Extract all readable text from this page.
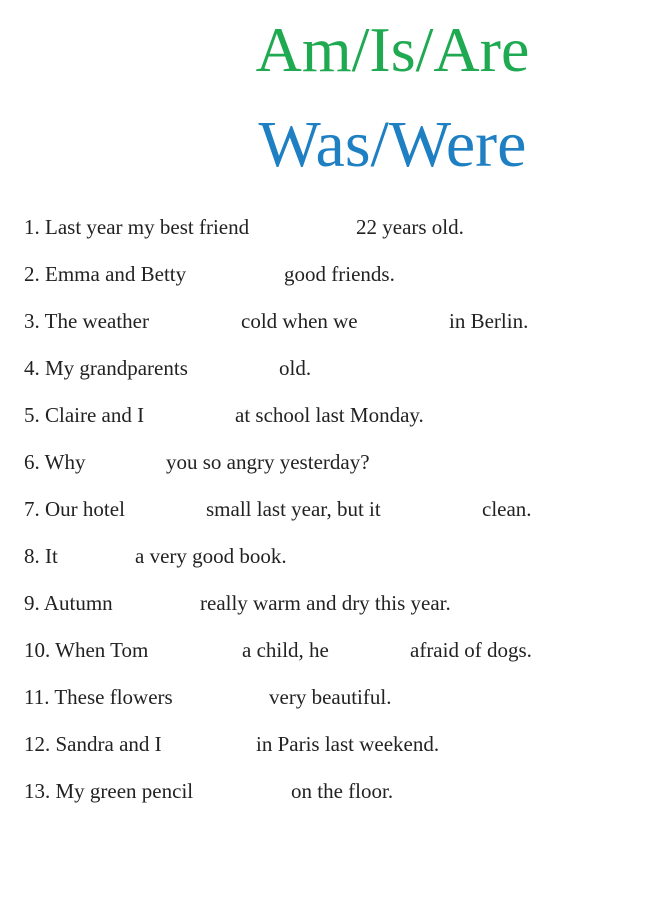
Am/Is/Are
Was/Were
1. Last year my best friend	22 years old.
2. Emma and Betty	good friends.
3. The weather	cold when we	in Berlin.
4. My grandparents	old.
5. Claire and I	at school last Monday.
6. Why	you so angry yesterday?
7. Our hotel	small last year, but it	clean.
8. It	a very good book.
9. Autumn	really warm and dry this year.
10. When Tom	a child, he	afraid of dogs.
11. These flowers	very beautiful.
12. Sandra and I	in Paris last weekend.
13. My green pencil	on the floor.
